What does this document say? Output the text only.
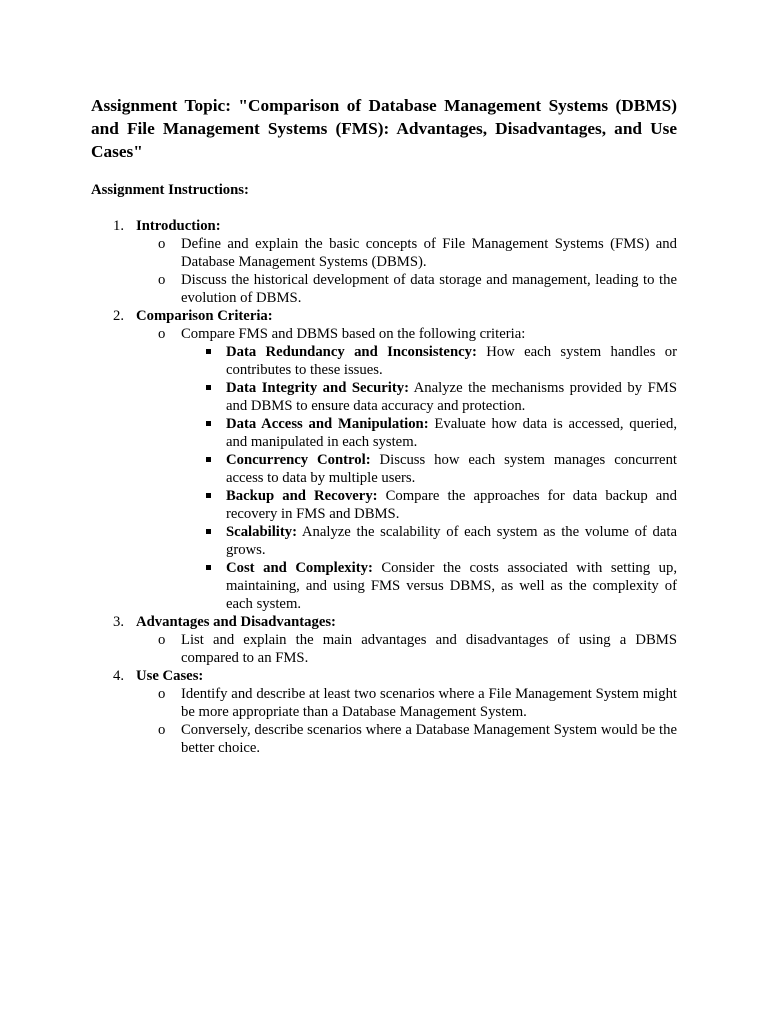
Assignment Topic: "Comparison of Database Management Systems (DBMS) and File Management Systems (FMS): Advantages, Disadvantages, and Use Cases"
Assignment Instructions:
1. Introduction:
o Define and explain the basic concepts of File Management Systems (FMS) and Database Management Systems (DBMS).
o Discuss the historical development of data storage and management, leading to the evolution of DBMS.
2. Comparison Criteria:
o Compare FMS and DBMS based on the following criteria:
Data Redundancy and Inconsistency: How each system handles or contributes to these issues.
Data Integrity and Security: Analyze the mechanisms provided by FMS and DBMS to ensure data accuracy and protection.
Data Access and Manipulation: Evaluate how data is accessed, queried, and manipulated in each system.
Concurrency Control: Discuss how each system manages concurrent access to data by multiple users.
Backup and Recovery: Compare the approaches for data backup and recovery in FMS and DBMS.
Scalability: Analyze the scalability of each system as the volume of data grows.
Cost and Complexity: Consider the costs associated with setting up, maintaining, and using FMS versus DBMS, as well as the complexity of each system.
3. Advantages and Disadvantages:
o List and explain the main advantages and disadvantages of using a DBMS compared to an FMS.
4. Use Cases:
o Identify and describe at least two scenarios where a File Management System might be more appropriate than a Database Management System.
o Conversely, describe scenarios where a Database Management System would be the better choice.
